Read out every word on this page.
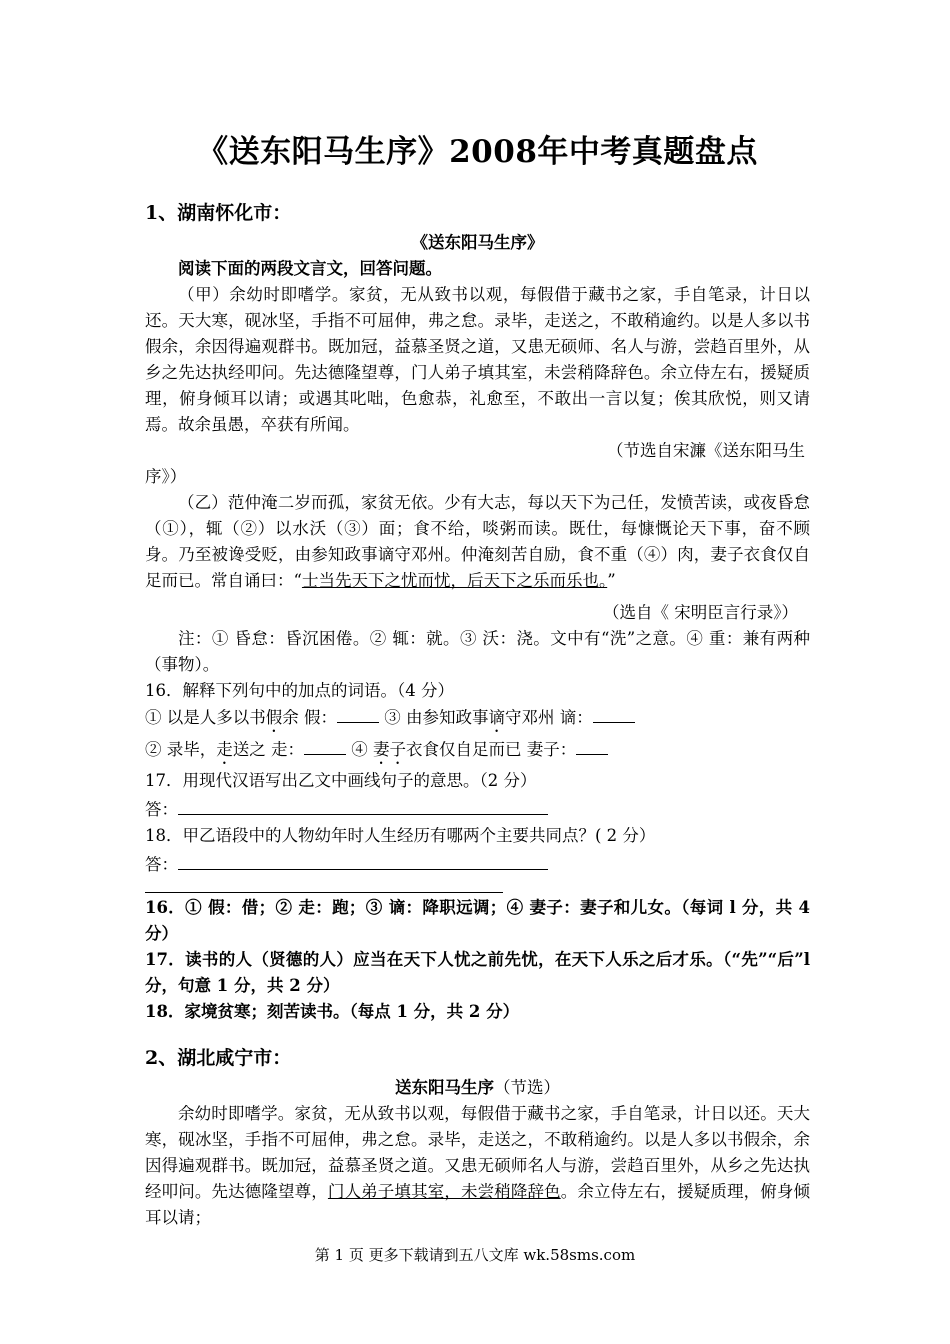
《送东阳马生序》2008年中考真题盘点

1、湖南怀化市：

《送东阳马生序》

阅读下面的两段文言文，回答问题。

（甲）余幼时即嗜学。家贫，无从致书以观，每假借于藏书之家，手自笔录，计日以还。天大寒，砚冰坚，手指不可屈伸，弗之怠。录毕，走送之，不敢稍逾约。以是人多以书假余，余因得遍观群书。既加冠，益慕圣贤之道，又患无硕师、名人与游，尝趋百里外，从乡之先达执经叩问。先达德隆望尊，门人弟子填其室，未尝稍降辞色。余立侍左右，援疑质理，俯身倾耳以请；或遇其叱咄，色愈恭，礼愈至，不敢出一言以复；俟其欣悦，则又请焉。故余虽愚，卒获有所闻。

（节选自宋濂《送东阳马生

序》）

（乙）范仲淹二岁而孤，家贫无依。少有大志，每以天下为己任，发愤苦读，或夜昏怠（①），辄（②）以水沃（③）面；食不给，啖粥而读。既仕，每慷慨论天下事，奋不顾身。乃至被谗受贬，由参知政事谪守邓州。仲淹刻苦自励，食不重（④）肉，妻子衣食仅自足而已。常自诵曰：“士当先天下之忧而忧，后天下之乐而乐也。”

（选自《 宋明臣言行录》）

注：① 昏怠：昏沉困倦。② 辄：就。③ 沃：浇。文中有“洗”之意。④ 重：兼有两种（事物）。

16．解释下列句中的加点的词语。（4 分）

① 以是人多以书假余 假：	③ 由参知政事谪守邓州 谪：

② 录毕，走送之 走：	④ 妻子衣食仅自足而已 妻子：

17．用现代汉语写出乙文中画线句子的意思。（2 分）

答：

18．甲乙语段中的人物幼年时人生经历有哪两个主要共同点？( 2 分）

答：

16．① 假：借；② 走：跑；③ 谪：降职远调；④ 妻子：妻子和儿女。（每词 l 分，共 4 分）

17．读书的人（贤德的人）应当在天下人忧之前先忧，在天下人乐之后才乐。（“先”“后”l 分，句意 1 分，共 2 分）

18．家境贫寒；刻苦读书。（每点 1 分，共 2 分）

2、湖北咸宁市：

送东阳马生序（节选）

余幼时即嗜学。家贫，无从致书以观，每假借于藏书之家，手自笔录，计日以还。天大寒，砚冰坚，手指不可屈伸，弗之怠。录毕，走送之，不敢稍逾约。以是人多以书假余，余因得遍观群书。既加冠，益慕圣贤之道。又患无硕师名人与游，尝趋百里外，从乡之先达执经叩问。先达德隆望尊，门人弟子填其室，未尝稍降辞色。余立侍左右，援疑质理，俯身倾耳以请；

第 1 页 更多下载请到五八文库 wk.58sms.com
